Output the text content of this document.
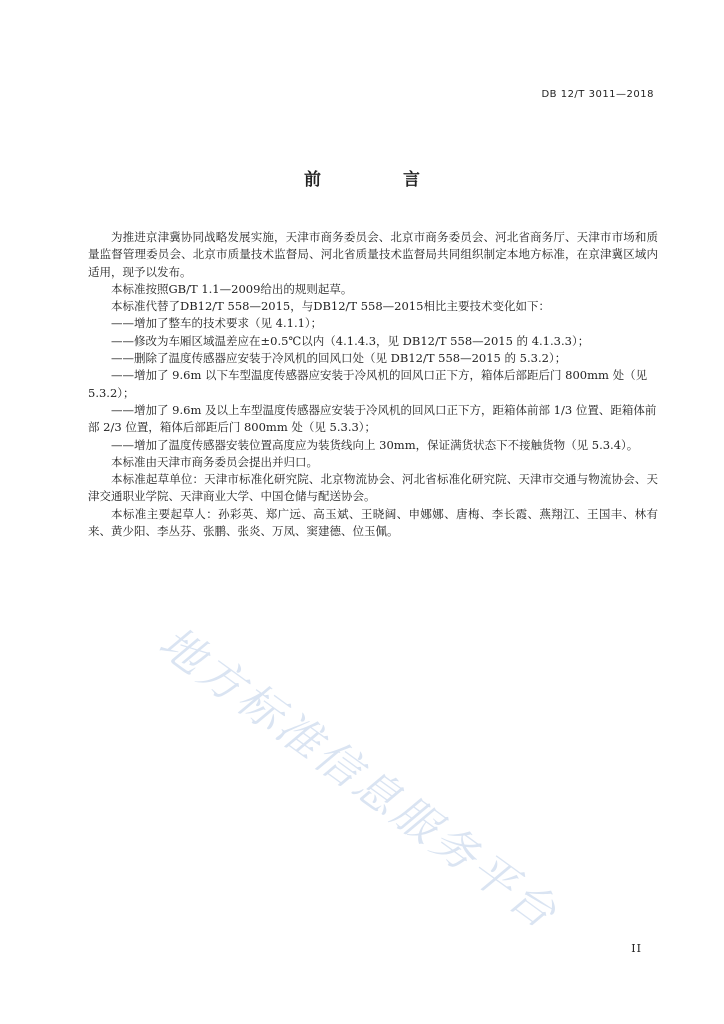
DB 12/T 3011—2018
前 言

为推进京津冀协同战略发展实施，天津市商务委员会、北京市商务委员会、河北省商务厅、天津市市场和质量监督管理委员会、北京市质量技术监督局、河北省质量技术监督局共同组织制定本地方标准，在京津冀区域内适用，现予以发布。

本标准按照GB/T 1.1—2009给出的规则起草。

本标准代替了DB12/T 558—2015，与DB12/T 558—2015相比主要技术变化如下：

——增加了整车的技术要求（见 4.1.1）；

——修改为车厢区域温差应在±0.5℃以内（4.1.4.3，见 DB12/T 558—2015 的 4.1.3.3）；

——删除了温度传感器应安装于冷风机的回风口处（见 DB12/T 558—2015 的 5.3.2）；

——增加了 9.6m 以下车型温度传感器应安装于冷风机的回风口正下方，箱体后部距后门 800mm 处（见 5.3.2）；

——增加了 9.6m 及以上车型温度传感器应安装于冷风机的回风口正下方，距箱体前部 1/3 位置、距箱体前部 2/3 位置，箱体后部距后门 800mm 处（见 5.3.3）；

——增加了温度传感器安装位置高度应为装货线向上 30mm，保证满货状态下不接触货物（见 5.3.4）。

本标准由天津市商务委员会提出并归口。

本标准起草单位：天津市标准化研究院、北京物流协会、河北省标准化研究院、天津市交通与物流协会、天津交通职业学院、天津商业大学、中国仓储与配送协会。

本标准主要起草人：孙彩英、郑广远、高玉斌、王晓阔、申娜娜、唐梅、李长霞、燕翔江、王国丰、林有来、黄少阳、李丛芬、张鹏、张炎、万凤、窦建德、位玉佩。

地方标准信息服务平台
II
